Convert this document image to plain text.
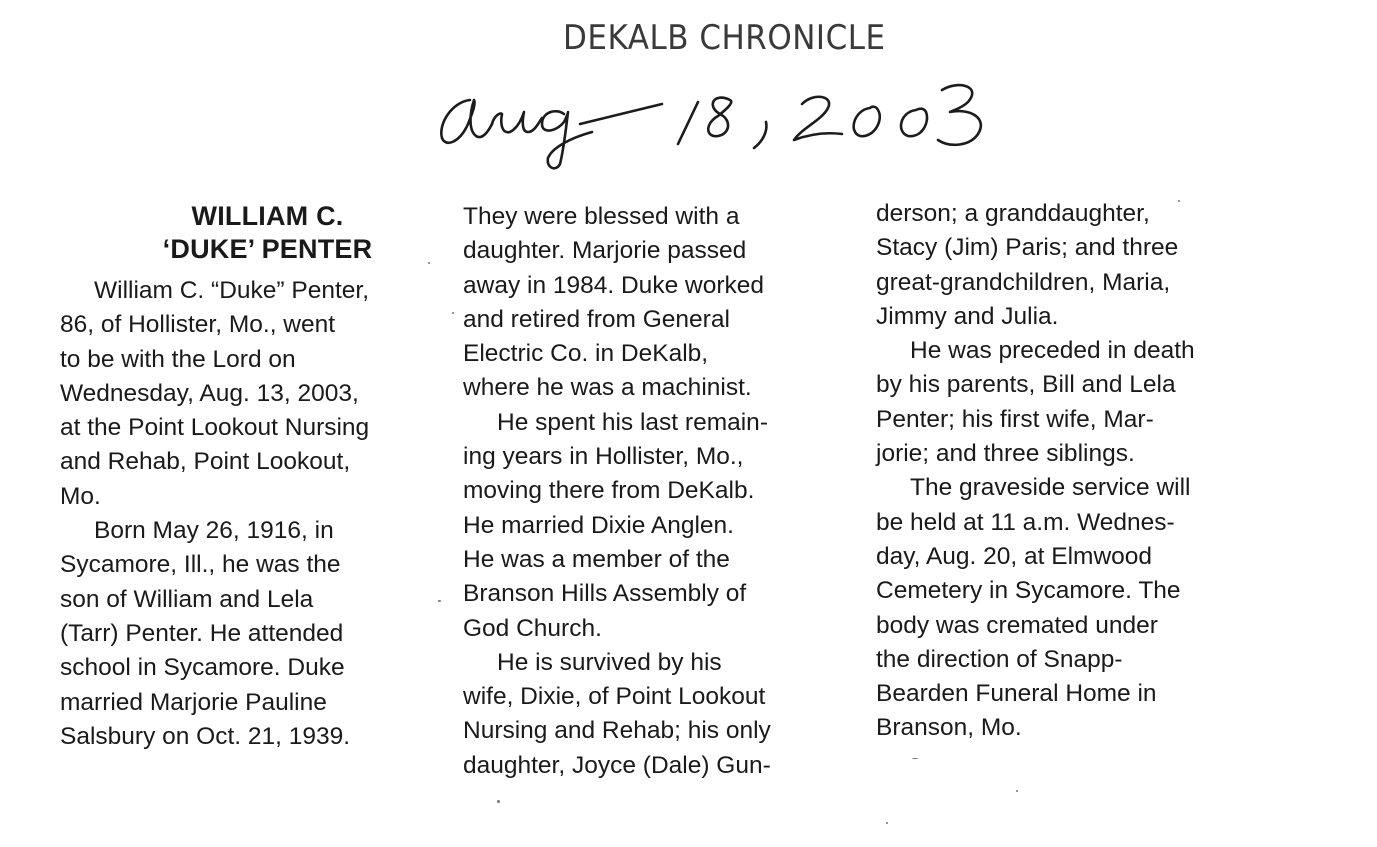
DEKALB CHRONICLE
WILLIAM C.
‘DUKE’ PENTER
William C. “Duke” Penter,
86, of Hollister, Mo., went
to be with the Lord on
Wednesday, Aug. 13, 2003,
at the Point Lookout Nursing
and Rehab, Point Lookout,
Mo.
Born May 26, 1916, in
Sycamore, Ill., he was the
son of William and Lela
(Tarr) Penter. He attended
school in Sycamore. Duke
married Marjorie Pauline
Salsbury on Oct. 21, 1939.
They were blessed with a
daughter. Marjorie passed
away in 1984. Duke worked
and retired from General
Electric Co. in DeKalb,
where he was a machinist.
He spent his last remain-
ing years in Hollister, Mo.,
moving there from DeKalb.
He married Dixie Anglen.
He was a member of the
Branson Hills Assembly of
God Church.
He is survived by his
wife, Dixie, of Point Lookout
Nursing and Rehab; his only
daughter, Joyce (Dale) Gun-
derson; a granddaughter,
Stacy (Jim) Paris; and three
great-grandchildren, Maria,
Jimmy and Julia.
He was preceded in death
by his parents, Bill and Lela
Penter; his first wife, Mar-
jorie; and three siblings.
The graveside service will
be held at 11 a.m. Wednes-
day, Aug. 20, at Elmwood
Cemetery in Sycamore. The
body was cremated under
the direction of Snapp-
Bearden Funeral Home in
Branson, Mo.
